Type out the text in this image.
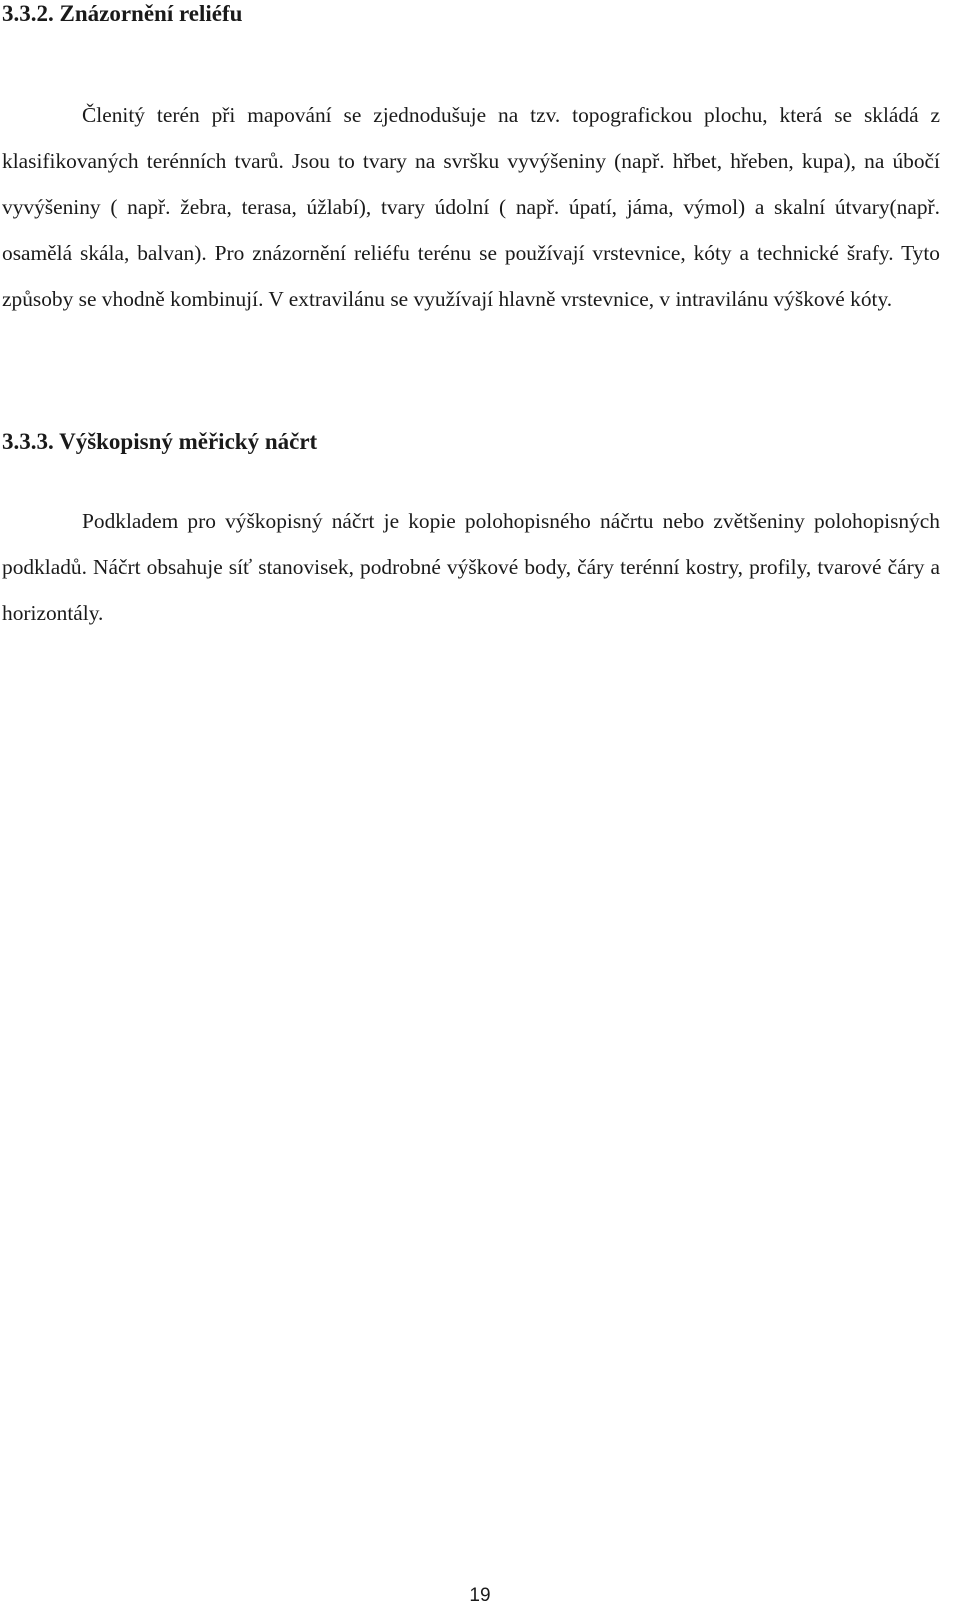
3.3.2. Znázornění reliéfu

Členitý terén při mapování se zjednodušuje na tzv. topografickou plochu, která se skládá z klasifikovaných terénních tvarů. Jsou to tvary na svršku vyvýšeniny (např. hřbet, hřeben, kupa), na úbočí vyvýšeniny ( např. žebra, terasa, úžlabí), tvary údolní ( např. úpatí, jáma, výmol) a skalní útvary(např. osamělá skála, balvan). Pro znázornění reliéfu terénu se používají vrstevnice, kóty a technické šrafy. Tyto způsoby se vhodně kombinují. V extravilánu se využívají hlavně vrstevnice, v intravilánu výškové kóty.

3.3.3. Výškopisný měřický náčrt

Podkladem pro výškopisný náčrt je kopie polohopisného náčrtu nebo zvětšeniny polohopisných podkladů. Náčrt obsahuje síť stanovisek, podrobné výškové body, čáry terénní kostry, profily, tvarové čáry a horizontály.

19
